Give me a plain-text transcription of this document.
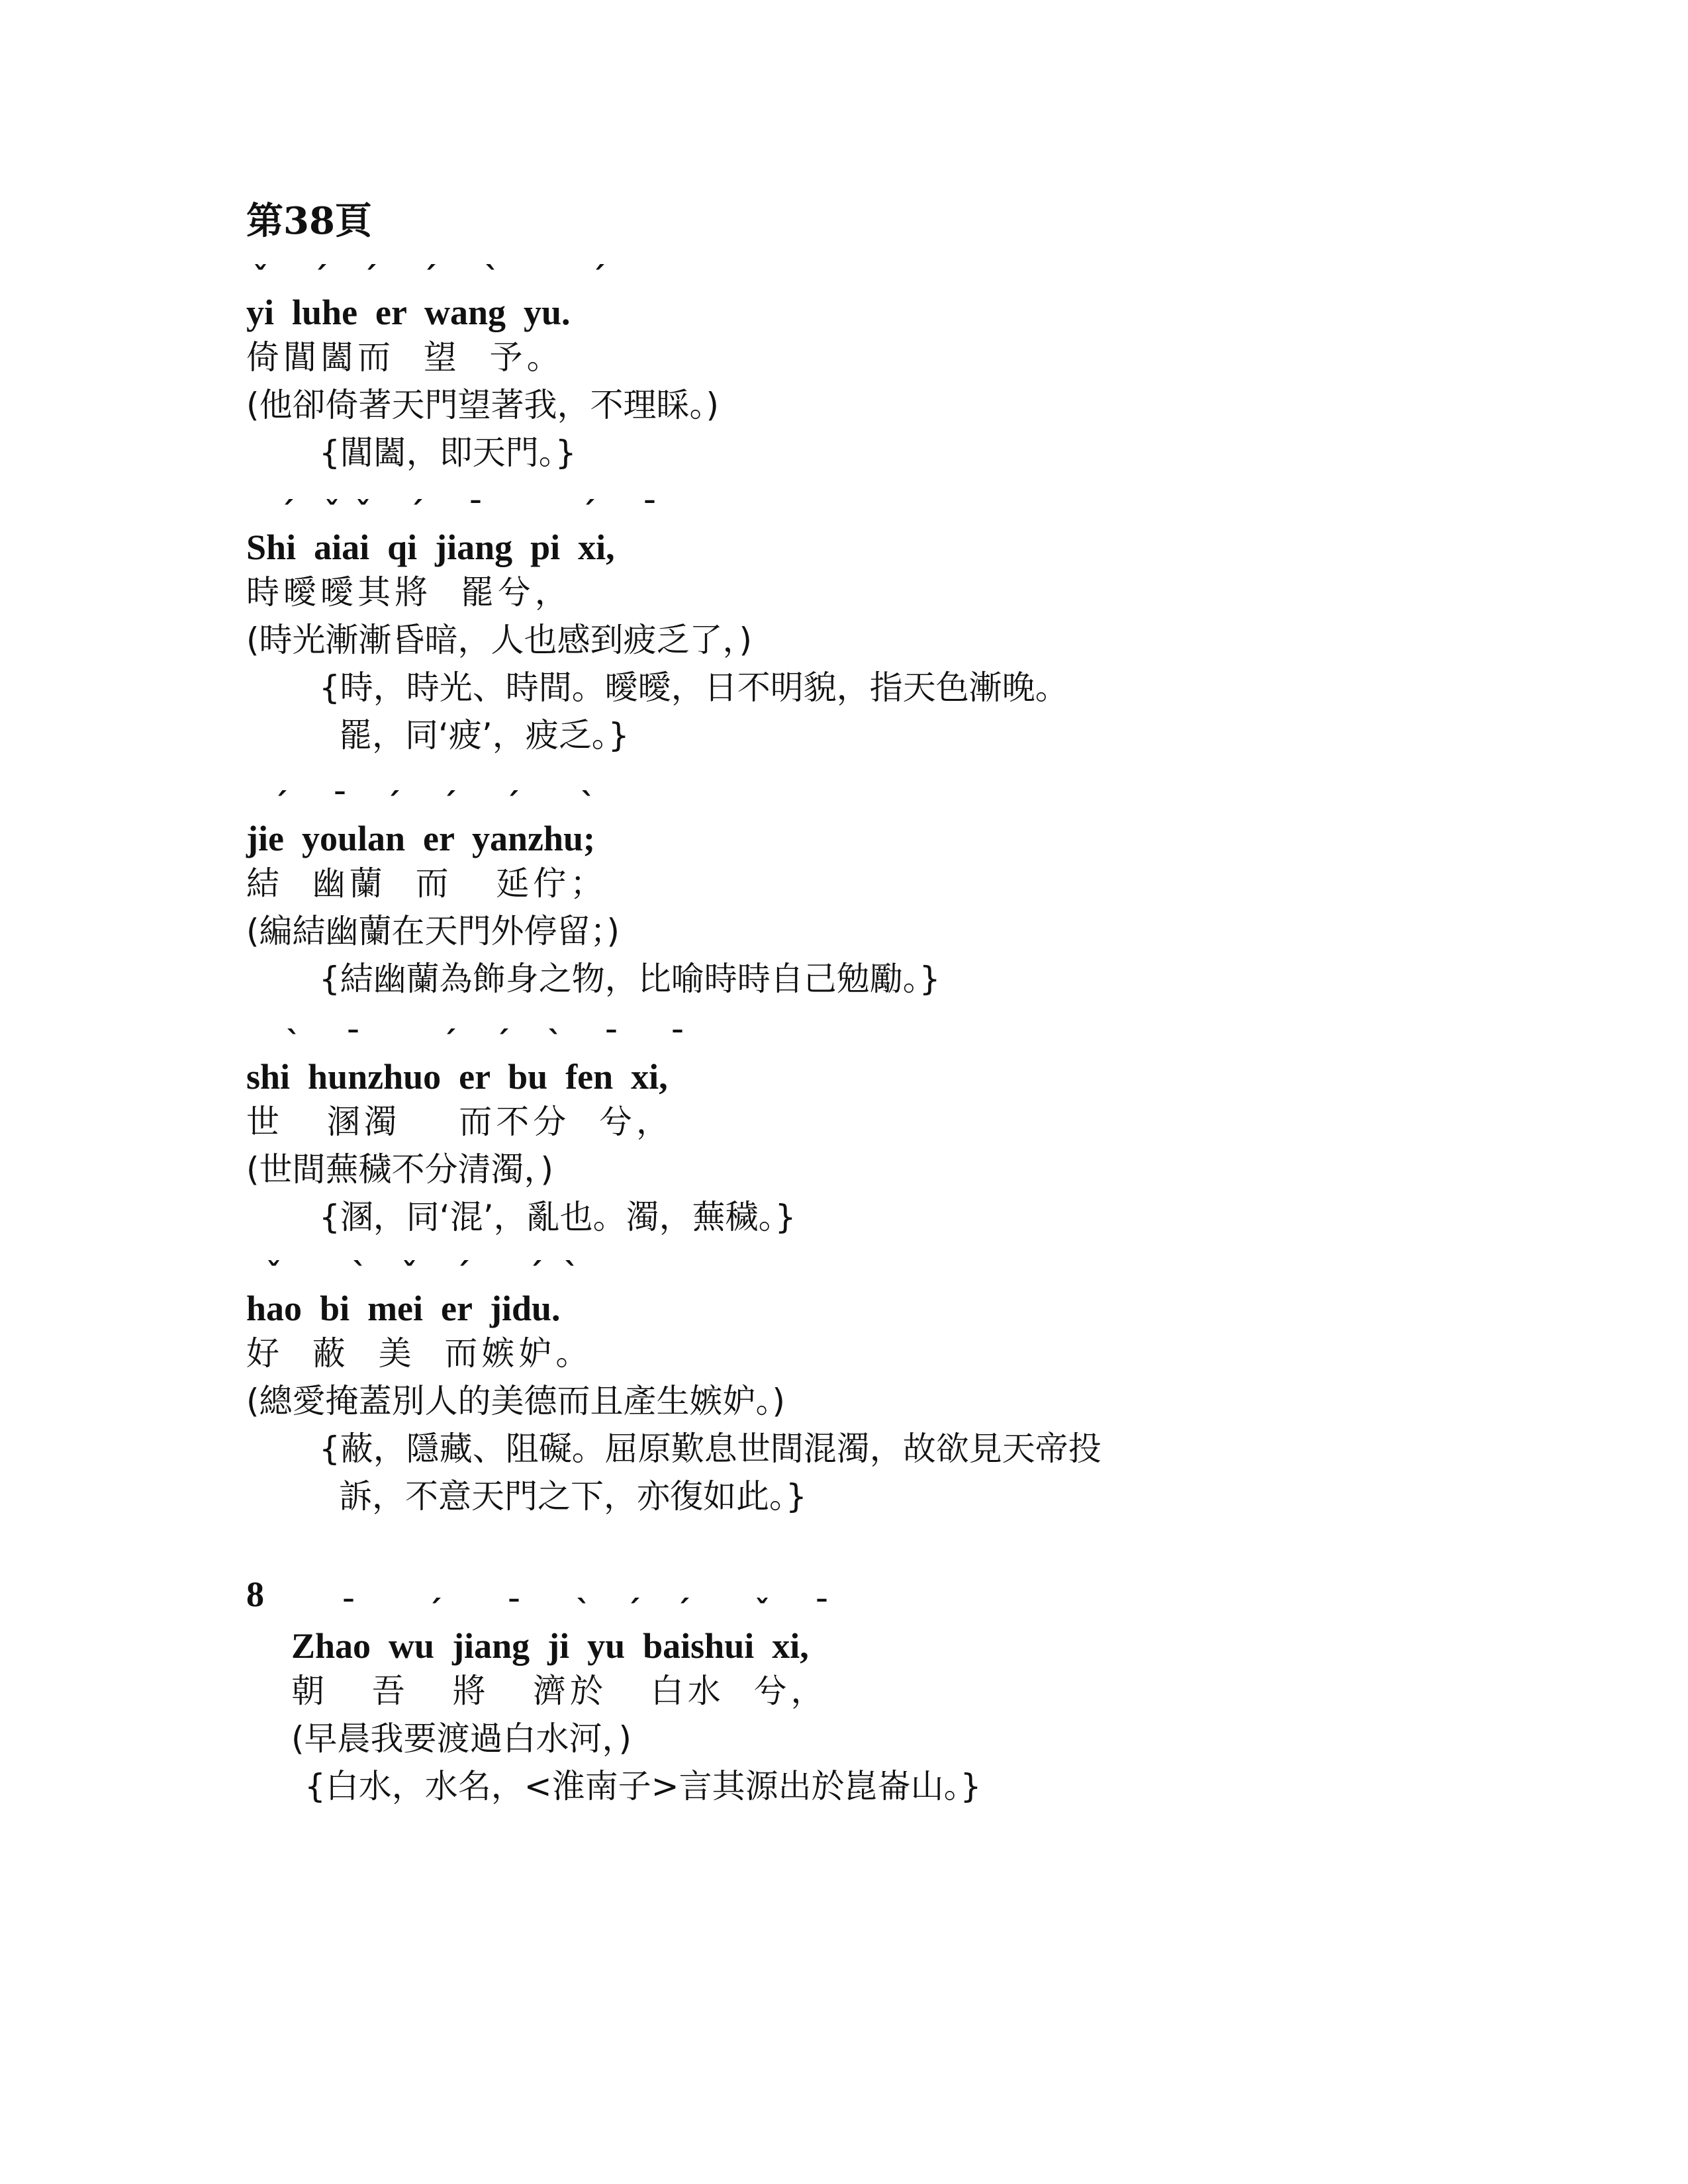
第38頁
ˇ ˊ ˊ ˊ ˋ	ˊ
yi  luhe  er  wang  yu.
倚閶闔而  望  予。
(他卻倚著天門望著我，不理睬。)
{閶闔，即天門。}
ˊ ˇ ˇ ˊ ˉ	ˊ ˉ
Shi  aiai  qi  jiang  pi  xi,
時曖曖其將  罷兮，
(時光漸漸昏暗，人也感到疲乏了，)
{時，時光、時間。曖曖，日不明貌，指天色漸晚。
罷，同‘疲’，疲乏。}
ˊ ˉ ˊ ˊ ˊ ˋ
jie  youlan  er  yanzhu;
結  幽蘭  而   延佇；
(編結幽蘭在天門外停留；)
{結幽蘭為飾身之物，比喻時時自己勉勵。}
ˋ ˉ	ˊ ˊ ˋ ˉ ˉ
shi  hunzhuo  er  bu  fen  xi,
世   溷濁    而不分  兮，
(世間蕪穢不分清濁，)
{溷，同‘混’，亂也。濁，蕪穢。}
ˇ ˋ ˇ ˊ ˊ ˋ
hao  bi  mei  er  jidu.
好  蔽  美  而嫉妒。
(總愛掩蓋別人的美德而且產生嫉妒。)
{蔽，隱藏、阻礙。屈原歎息世間混濁，故欲見天帝投
訴，不意天門之下，亦復如此。}
8	ˉ ˊ ˉ ˋ ˊ ˊ ˇ ˉ
Zhao  wu  jiang  ji  yu  baishui  xi,
朝   吾   將   濟於   白水  兮，
(早晨我要渡過白水河，)
{白水，水名，<淮南子>言其源出於崑崙山。}
